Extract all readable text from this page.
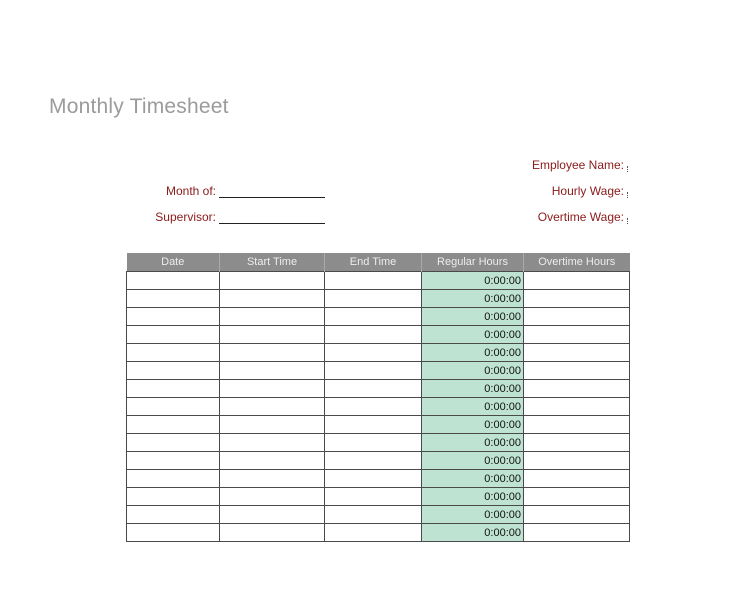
Monthly Timesheet
Employee Name:
Hourly Wage:
Overtime Wage:
Month of:
Supervisor:
Date	Start Time	End Time	Regular Hours	Overtime Hours
			0:00:00	
			0:00:00	
			0:00:00	
			0:00:00	
			0:00:00	
			0:00:00	
			0:00:00	
			0:00:00	
			0:00:00	
			0:00:00	
			0:00:00	
			0:00:00	
			0:00:00	
			0:00:00	
			0:00:00	
